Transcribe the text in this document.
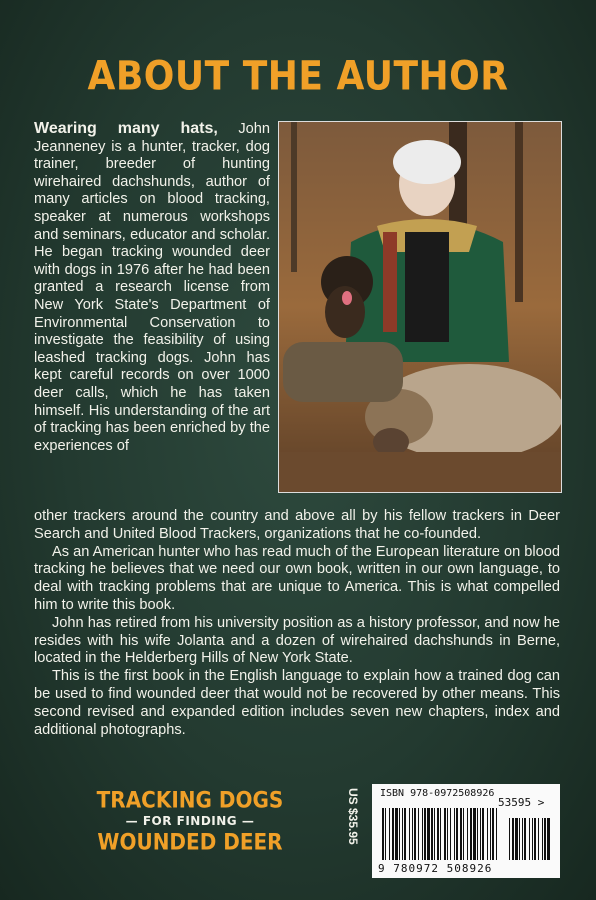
ABOUT THE AUTHOR
Wearing many hats, John Jeanneney is a hunter, tracker, dog trainer, breeder of hunting wirehaired dachshunds, author of many articles on blood tracking, speaker at numerous workshops and seminars, educator and scholar. He began tracking wounded deer with dogs in 1976 after he had been granted a research license from New York State's Department of Environmental Conservation to investigate the feasibility of using leashed tracking dogs. John has kept careful records on over 1000 deer calls, which he has taken himself. His understanding of the art of tracking has been enriched by the experiences of

other trackers around the country and above all by his fellow trackers in Deer Search and United Blood Trackers, organizations that he co-founded.

As an American hunter who has read much of the European literature on blood tracking he believes that we need our own book, written in our own language, to deal with tracking problems that are unique to America. This is what compelled him to write this book.

John has retired from his university position as a history professor, and now he resides with his wife Jolanta and a dozen of wirehaired dachshunds in Berne, located in the Helderberg Hills of New York State.

This is the first book in the English language to explain how a trained dog can be used to find wounded deer that would not be recovered by other means. This second revised and expanded edition includes seven new chapters, index and additional photographs.

TRACKING DOGS
— FOR FINDING —
WOUNDED DEER	US $35.95 ISBN 978-0972508926
53595 >
9 780972 508926
